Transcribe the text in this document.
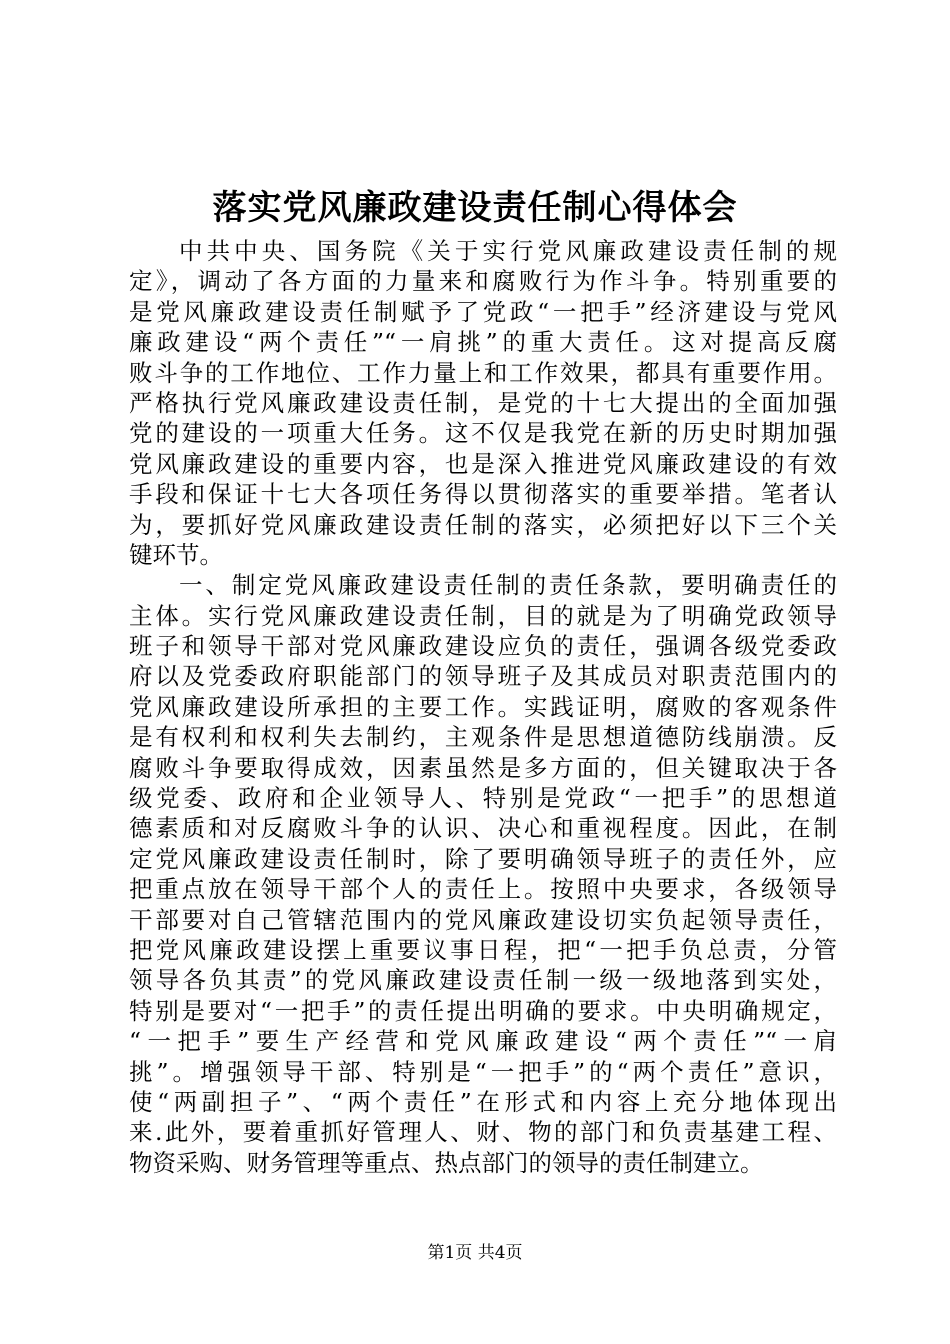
落实党风廉政建设责任制心得体会
中共中央、国务院《关于实行党风廉政建设责任制的规
定》，调动了各方面的力量来和腐败行为作斗争。特别重要的
是党风廉政建设责任制赋予了党政“一把手”经济建设与党风
廉政建设“两个责任”“一肩挑”的重大责任。这对提高反腐
败斗争的工作地位、工作力量上和工作效果，都具有重要作用。
严格执行党风廉政建设责任制，是党的十七大提出的全面加强
党的建设的一项重大任务。这不仅是我党在新的历史时期加强
党风廉政建设的重要内容，也是深入推进党风廉政建设的有效
手段和保证十七大各项任务得以贯彻落实的重要举措。笔者认
为，要抓好党风廉政建设责任制的落实，必须把好以下三个关
键环节。
一、制定党风廉政建设责任制的责任条款，要明确责任的
主体。实行党风廉政建设责任制，目的就是为了明确党政领导
班子和领导干部对党风廉政建设应负的责任，强调各级党委政
府以及党委政府职能部门的领导班子及其成员对职责范围内的
党风廉政建设所承担的主要工作。实践证明，腐败的客观条件
是有权利和权利失去制约，主观条件是思想道德防线崩溃。反
腐败斗争要取得成效，因素虽然是多方面的，但关键取决于各
级党委、政府和企业领导人、特别是党政“一把手”的思想道
德素质和对反腐败斗争的认识、决心和重视程度。因此，在制
定党风廉政建设责任制时，除了要明确领导班子的责任外，应
把重点放在领导干部个人的责任上。按照中央要求，各级领导
干部要对自己管辖范围内的党风廉政建设切实负起领导责任，
把党风廉政建设摆上重要议事日程，把“一把手负总责，分管
领导各负其责”的党风廉政建设责任制一级一级地落到实处，
特别是要对“一把手”的责任提出明确的要求。中央明确规定，
“一把手”要生产经营和党风廉政建设“两个责任”“一肩
挑”。增强领导干部、特别是“一把手”的“两个责任”意识，
使“两副担子”、“两个责任”在形式和内容上充分地体现出
来.此外，要着重抓好管理人、财、物的部门和负责基建工程、
物资采购、财务管理等重点、热点部门的领导的责任制建立。
第1页 共4页
